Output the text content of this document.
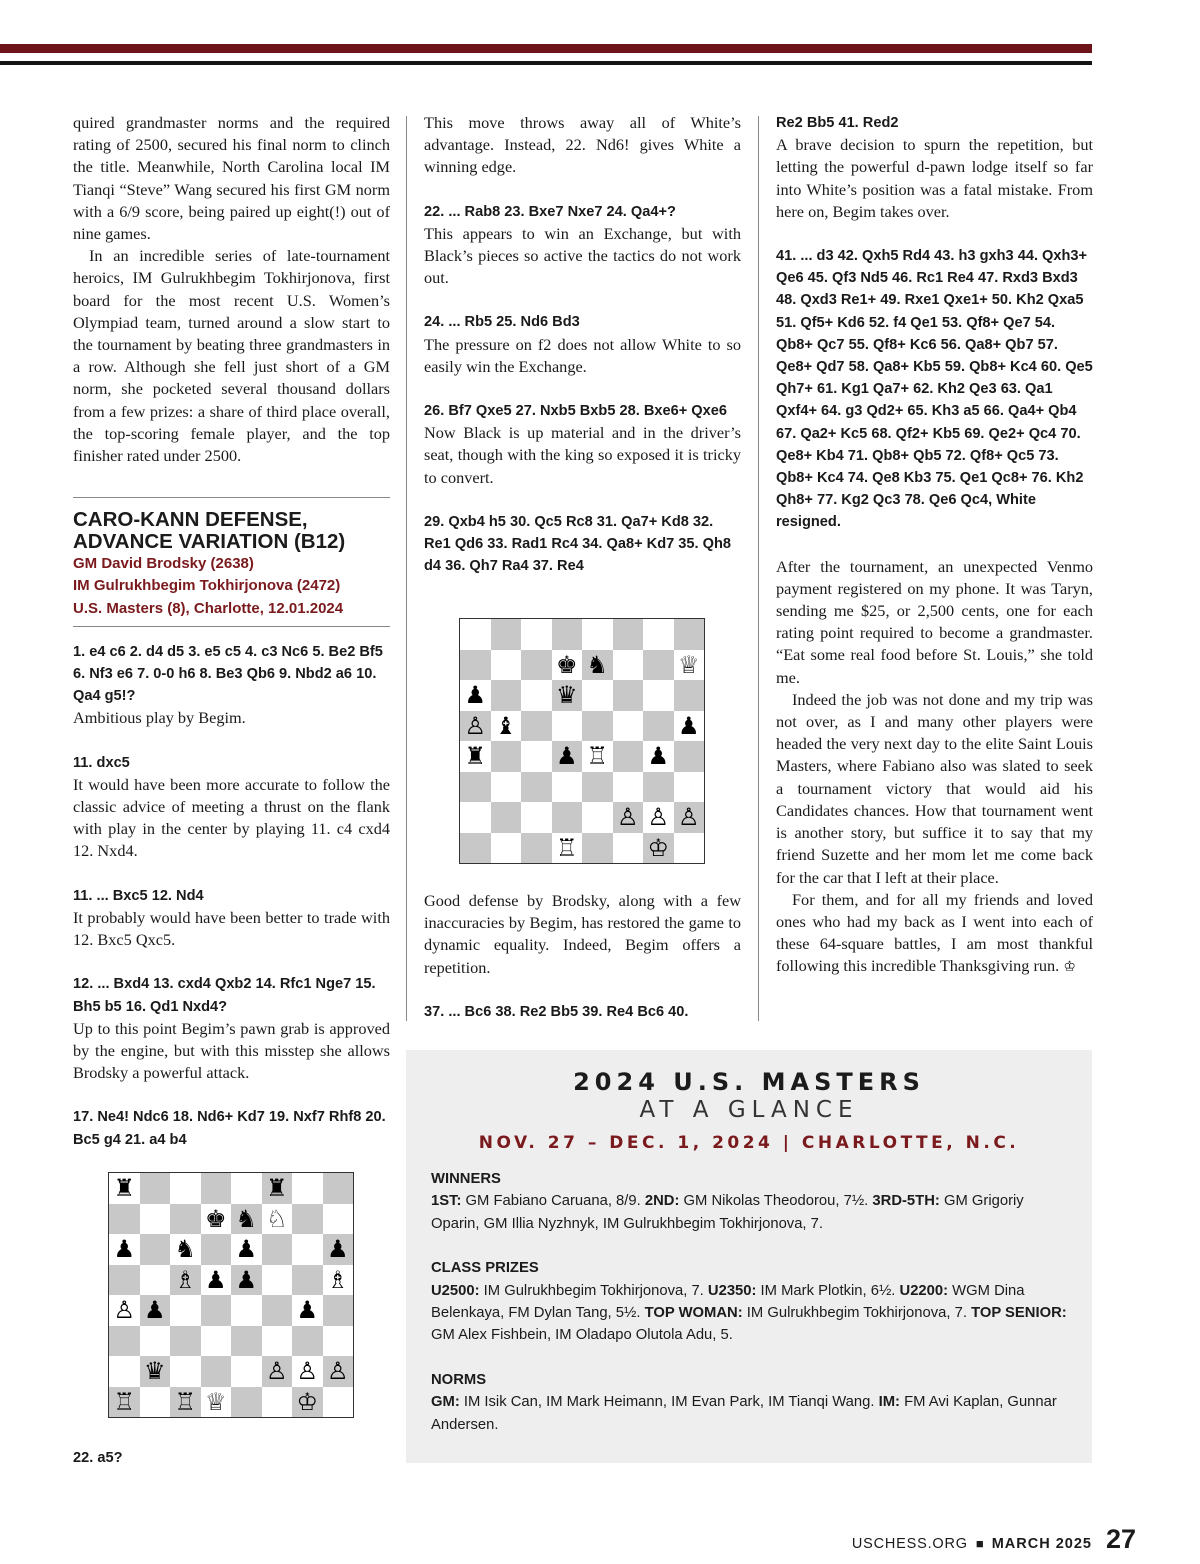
quired grandmaster norms and the required rating of 2500, secured his final norm to clinch the title. Meanwhile, North Carolina local IM Tianqi “Steve” Wang secured his first GM norm with a 6/9 score, being paired up eight(!) out of nine games.

In an incredible series of late-tournament heroics, IM Gulrukhbegim Tokhirjonova, first board for the most recent U.S. Women’s Olympiad team, turned around a slow start to the tournament by beating three grandmasters in a row. Although she fell just short of a GM norm, she pocketed several thousand dollars from a few prizes: a share of third place overall, the top-scoring female player, and the top finisher rated under 2500.

CARO-KANN DEFENSE,
ADVANCE VARIATION (B12)
GM David Brodsky (2638)
IM Gulrukhbegim Tokhirjonova (2472)
U.S. Masters (8), Charlotte, 12.01.2024

1. e4 c6 2. d4 d5 3. e5 c5 4. c3 Nc6 5. Be2 Bf5 6. Nf3 e6 7. 0-0 h6 8. Be3 Qb6 9. Nbd2 a6 10. Qa4 g5!?

Ambitious play by Begim.

11. dxc5

It would have been more accurate to follow the classic advice of meeting a thrust on the flank with play in the center by playing 11. c4 cxd4 12. Nxd4.

11. ... Bxc5 12. Nd4

It probably would have been better to trade with 12. Bxc5 Qxc5.

12. ... Bxd4 13. cxd4 Qxb2 14. Rfc1 Nge7 15. Bh5 b5 16. Qd1 Nxd4?

Up to this point Begim’s pawn grab is approved by the engine, but with this misstep she allows Brodsky a powerful attack.

17. Ne4! Ndc6 18. Nd6+ Kd7 19. Nxf7 Rhf8 20. Bc5 g4 21. a4 b4

♜	♜
♚ ♞ ♘
♟ ♞ ♟	♟
♗ ♟ ♟	♗
♙ ♟	♟
♛	♙ ♙ ♙
♖ ♖ ♕	♔
22. a5?

This move throws away all of White’s advantage. Instead, 22. Nd6! gives White a winning edge.

22. ... Rab8 23. Bxe7 Nxe7 24. Qa4+?

This appears to win an Exchange, but with Black’s pieces so active the tactics do not work out.

24. ... Rb5 25. Nd6 Bd3

The pressure on f2 does not allow White to so easily win the Exchange.

26. Bf7 Qxe5 27. Nxb5 Bxb5 28. Bxe6+ Qxe6

Now Black is up material and in the driver’s seat, though with the king so exposed it is tricky to convert.

29. Qxb4 h5 30. Qc5 Rc8 31. Qa7+ Kd8 32. Re1 Qd6 33. Rad1 Rc4 34. Qa8+ Kd7 35. Qh8 d4 36. Qh7 Ra4 37. Re4

♚ ♞	♕
♟	♛
♙ ♝	♟
♜	♟ ♖ ♟
♙ ♙ ♙
♖	♔

Good defense by Brodsky, along with a few inaccuracies by Begim, has restored the game to dynamic equality. Indeed, Begim offers a repetition.

37. ... Bc6 38. Re2 Bb5 39. Re4 Bc6 40.

Re2 Bb5 41. Red2

A brave decision to spurn the repetition, but letting the powerful d-pawn lodge itself so far into White’s position was a fatal mistake. From here on, Begim takes over.

41. ... d3 42. Qxh5 Rd4 43. h3 gxh3 44. Qxh3+ Qe6 45. Qf3 Nd5 46. Rc1 Re4 47. Rxd3 Bxd3 48. Qxd3 Re1+ 49. Rxe1 Qxe1+ 50. Kh2 Qxa5 51. Qf5+ Kd6 52. f4 Qe1 53. Qf8+ Qe7 54. Qb8+ Qc7 55. Qf8+ Kc6 56. Qa8+ Qb7 57. Qe8+ Qd7 58. Qa8+ Kb5 59. Qb8+ Kc4 60. Qe5 Qh7+ 61. Kg1 Qa7+ 62. Kh2 Qe3 63. Qa1 Qxf4+ 64. g3 Qd2+ 65. Kh3 a5 66. Qa4+ Qb4 67. Qa2+ Kc5 68. Qf2+ Kb5 69. Qe2+ Qc4 70. Qe8+ Kb4 71. Qb8+ Qb5 72. Qf8+ Qc5 73. Qb8+ Kc4 74. Qe8 Kb3 75. Qe1 Qc8+ 76. Kh2 Qh8+ 77. Kg2 Qc3 78. Qe6 Qc4, White resigned.

After the tournament, an unexpected Venmo payment registered on my phone. It was Taryn, sending me $25, or 2,500 cents, one for each rating point required to become a grandmaster. “Eat some real food before St. Louis,” she told me.

Indeed the job was not done and my trip was not over, as I and many other players were headed the very next day to the elite Saint Louis Masters, where Fabiano also was slated to seek a tournament victory that would aid his Candidates chances. How that tournament went is another story, but suffice it to say that my friend Suzette and her mom let me come back for the car that I left at their place.

For them, and for all my friends and loved ones who had my back as I went into each of these 64-square battles, I am most thankful following this incredible Thanksgiving run. ♔

2024 U.S. MASTERS
AT A GLANCE
NOV. 27 – DEC. 1, 2024 | CHARLOTTE, N.C.
WINNERS
1ST: GM Fabiano Caruana, 8/9. 2ND: GM Nikolas Theodorou, 7½. 3RD-5TH: GM Grigoriy Oparin, GM Illia Nyzhnyk, IM Gulrukhbegim Tokhirjonova, 7.
CLASS PRIZES
U2500: IM Gulrukhbegim Tokhirjonova, 7. U2350: IM Mark Plotkin, 6½. U2200: WGM Dina Belenkaya, FM Dylan Tang, 5½. TOP WOMAN: IM Gulrukhbegim Tokhirjonova, 7. TOP SENIOR: GM Alex Fishbein, IM Oladapo Olutola Adu, 5.
NORMS
GM: IM Isik Can, IM Mark Heimann, IM Evan Park, IM Tianqi Wang. IM: FM Avi Kaplan, Gunnar Andersen.
USCHESS.ORG ■ MARCH 2025 27
